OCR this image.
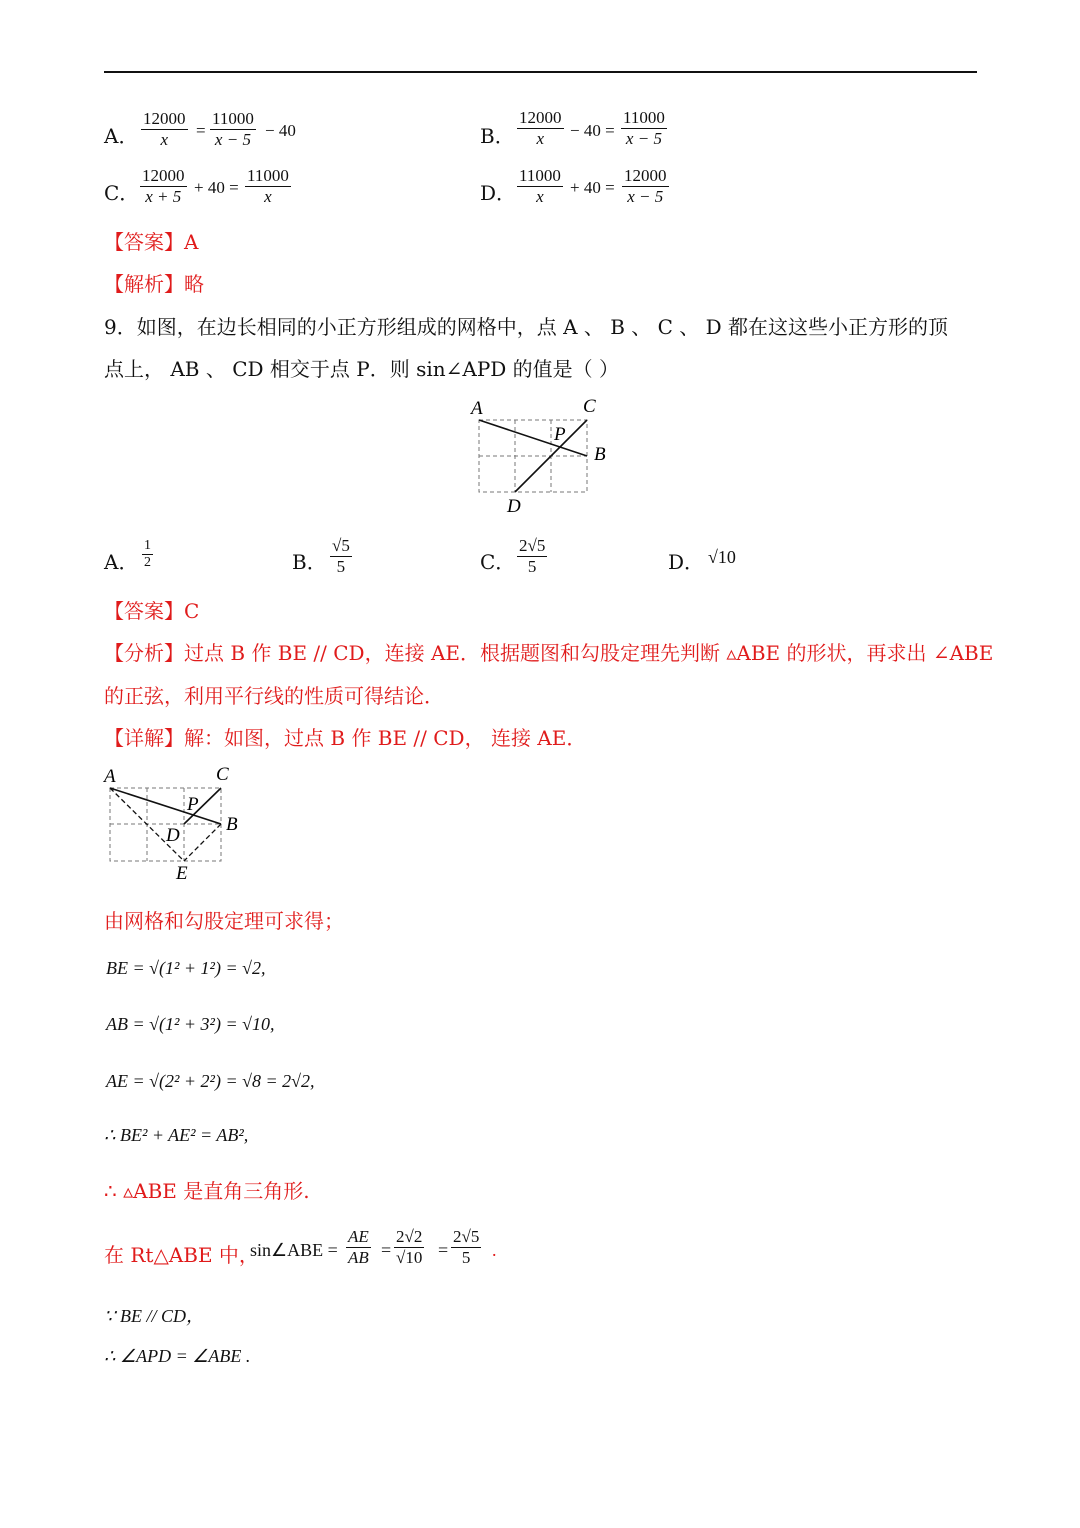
A． $\frac{12000}{x} = \frac{11000}{x - 5} - 40$	B． $\frac{12000}{x} - 40 = \frac{11000}{x - 5}$
C． $\frac{12000}{x + 5} + 40 = \frac{11000}{x}$	D． $\frac{11000}{x} + 40 = \frac{12000}{x - 5}$
【答案】A
【解析】略
9．如图，在边长相同的小正方形组成的网格中，点 A 、 B 、 C 、 D 都在这这些小正方形的顶
点上， AB 、 CD 相交于点 P．则 sin∠APD 的值是（ ）
A	C
P
B
D
A． $\frac{1}{2}$	B． $\frac{√5}{5}$	C． $\frac{2√5}{5}$	D． √10
【答案】C
【分析】过点 B 作 BE // CD，连接 AE．根据题图和勾股定理先判断 ▵ABE 的形状，再求出 ∠ABE
的正弦，利用平行线的性质可得结论．
【详解】解：如图，过点 B 作 BE // CD， 连接 AE．
A	C
P
B
D
E
由网格和勾股定理可求得；
BE = √(1² + 1²) = √2,
AB = √(1² + 3²) = √10,
AE = √(2² + 2²) = √8 = 2√2,
∴ BE² + AE² = AB²,
∴ ▵ABE 是直角三角形.
在 Rt△ABE 中，
sin∠ABE = $\frac{AE}{AB} = \frac{2√2}{√10} = \frac{2√5}{5}$ .
∵ BE // CD，
∴ ∠APD = ∠ABE .
